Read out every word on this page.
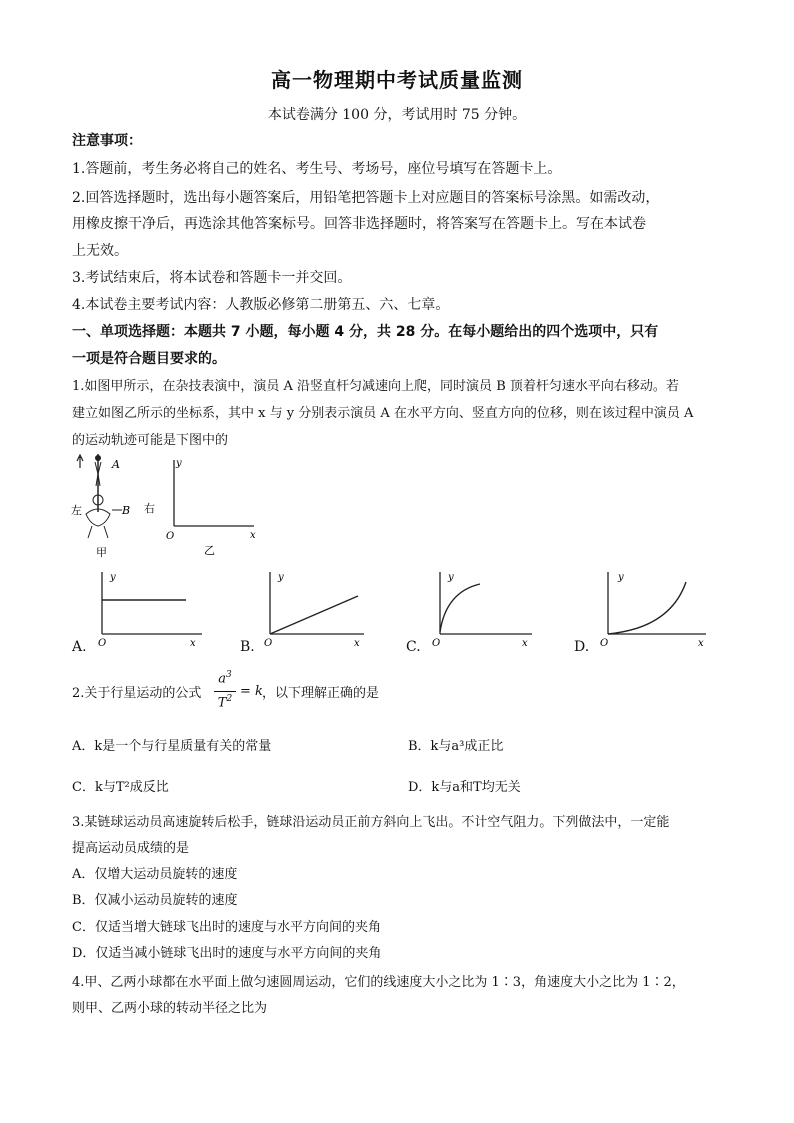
高一物理期中考试质量监测
本试卷满分 100 分，考试用时 75 分钟。
注意事项：
1.答题前，考生务必将自己的姓名、考生号、考场号，座位号填写在答题卡上。
2.回答选择题时，选出每小题答案后，用铅笔把答题卡上对应题目的答案标号涂黑。如需改动，
用橡皮擦干净后，再选涂其他答案标号。回答非选择题时，将答案写在答题卡上。写在本试卷
上无效。
3.考试结束后，将本试卷和答题卡一并交回。
4.本试卷主要考试内容：人教版必修第二册第五、六、七章。
一、单项选择题：本题共 7 小题，每小题 4 分，共 28 分。在每小题给出的四个选项中，只有
一项是符合题目要求的。
1.如图甲所示，在杂技表演中，演员 A 沿竖直杆匀减速向上爬，同时演员 B 顶着杆匀速水平向右移动。若
建立如图乙所示的坐标系，其中 x 与 y 分别表示演员 A 在水平方向、竖直方向的位移，则在该过程中演员 A
的运动轨迹可能是下图中的
A
B
左
甲
右
y
x
O
乙
A.
y
x
O	B.
y
x
O	C.
y
x
O	D.
y
x
O
2.关于行星运动的公式
$a^3$
$T^2 = k$ ，以下理解正确的是
A．k是一个与行星质量有关的常量	B．k与a³成正比
C．k与T²成反比	D．k与a和T均无关
3.某链球运动员高速旋转后松手，链球沿运动员正前方斜向上飞出。不计空气阻力。下列做法中，一定能
提高运动员成绩的是
A．仅增大运动员旋转的速度
B．仅减小运动员旋转的速度
C．仅适当增大链球飞出时的速度与水平方向间的夹角
D．仅适当减小链球飞出时的速度与水平方向间的夹角
4.甲、乙两小球都在水平面上做匀速圆周运动，它们的线速度大小之比为 1∶3，角速度大小之比为 1∶2，
则甲、乙两小球的转动半径之比为
